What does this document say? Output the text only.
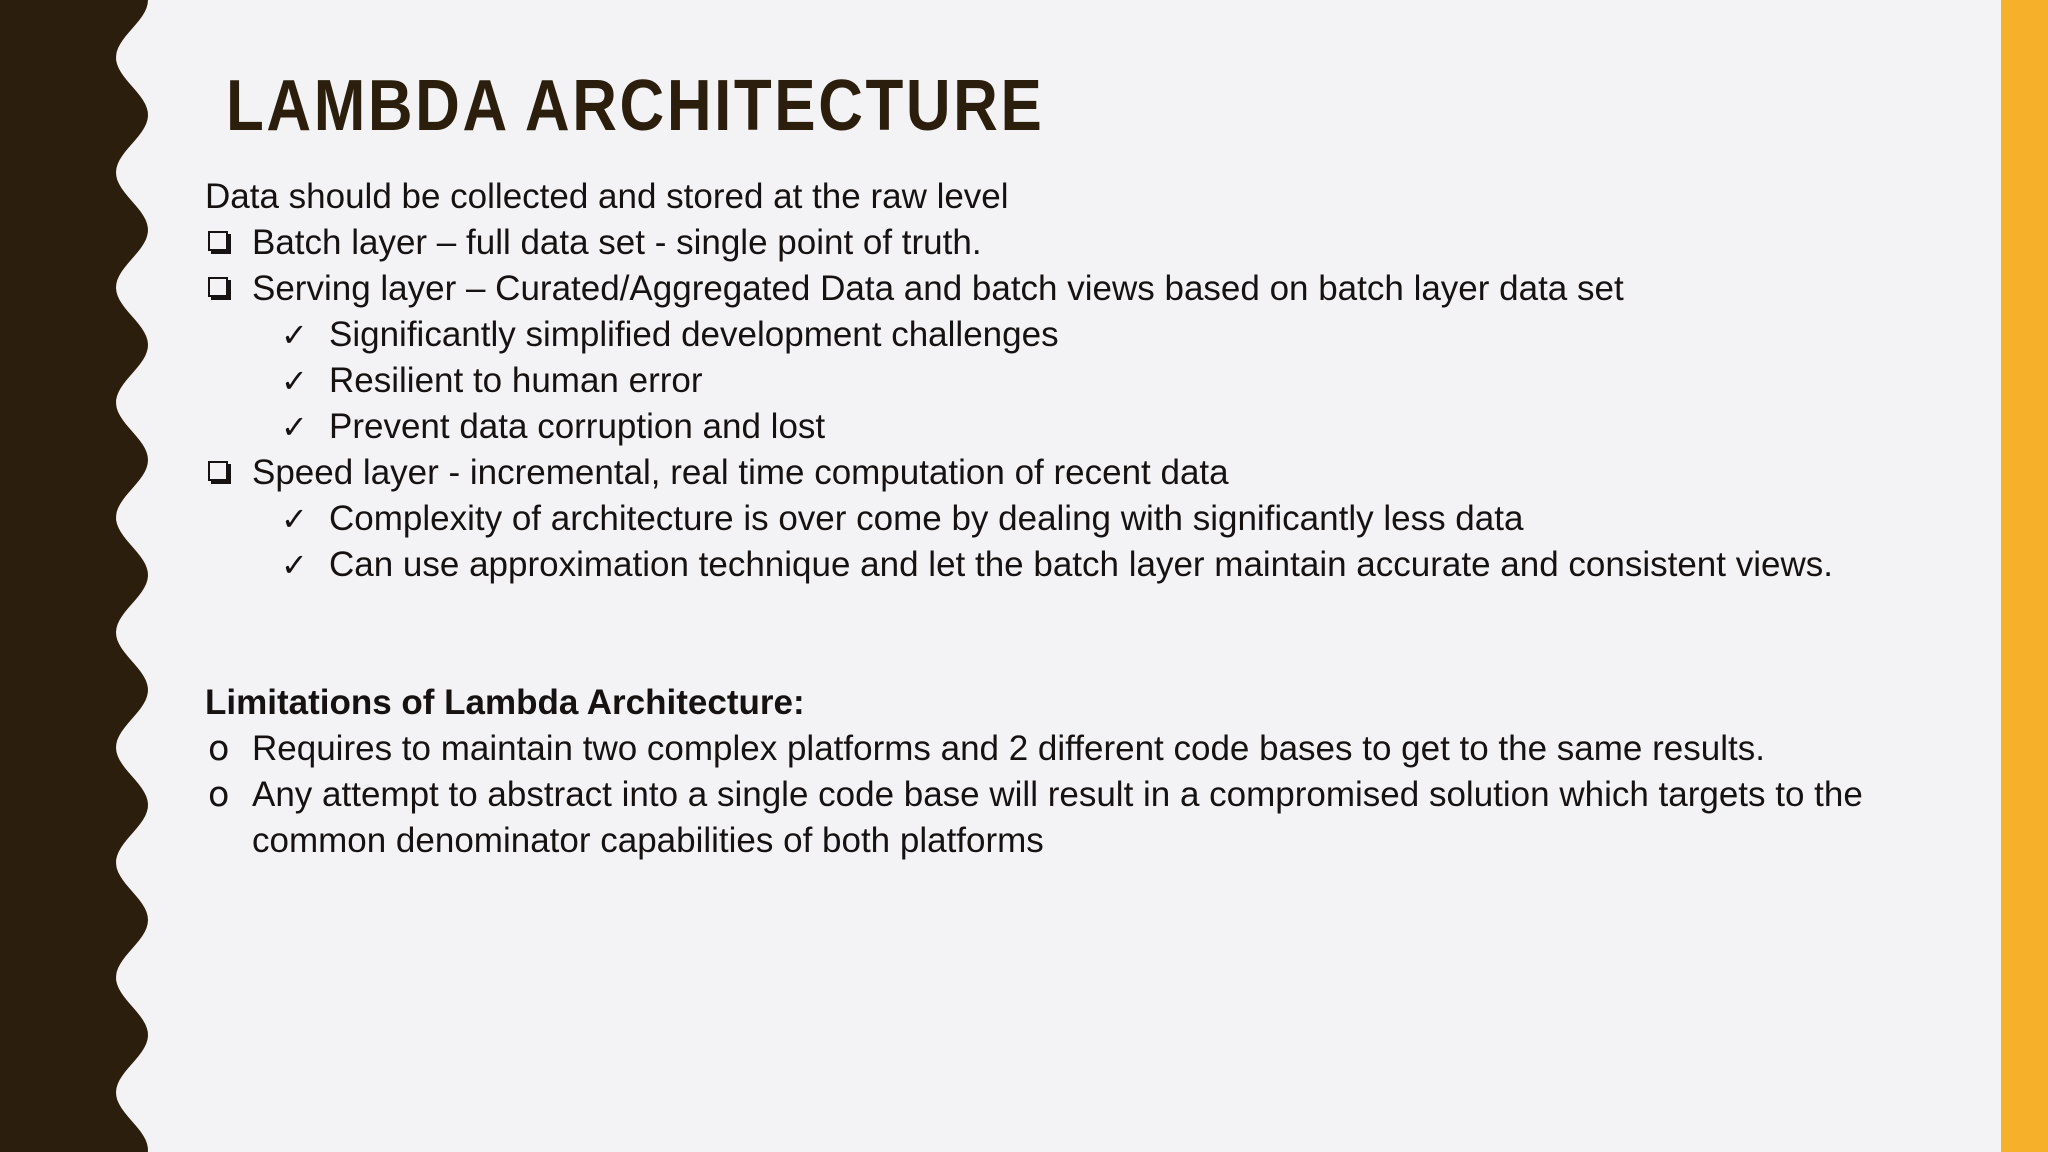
LAMBDA ARCHITECTURE
Data should be collected and stored at the raw level
Batch layer – full data set - single point of truth.
Serving layer – Curated/Aggregated Data and batch views based on batch layer data set
✓ Significantly simplified development challenges
✓ Resilient to human error
✓ Prevent data corruption and lost
Speed layer - incremental, real time computation of recent data
✓ Complexity of architecture is over come by dealing with significantly less data
✓ Can use approximation technique and let the batch layer maintain accurate and consistent views.
Limitations of Lambda Architecture:
o Requires to maintain two complex platforms and 2 different code bases to get to the same results.
o Any attempt to abstract into a single code base will result in a compromised solution which targets to the common denominator capabilities of both platforms
